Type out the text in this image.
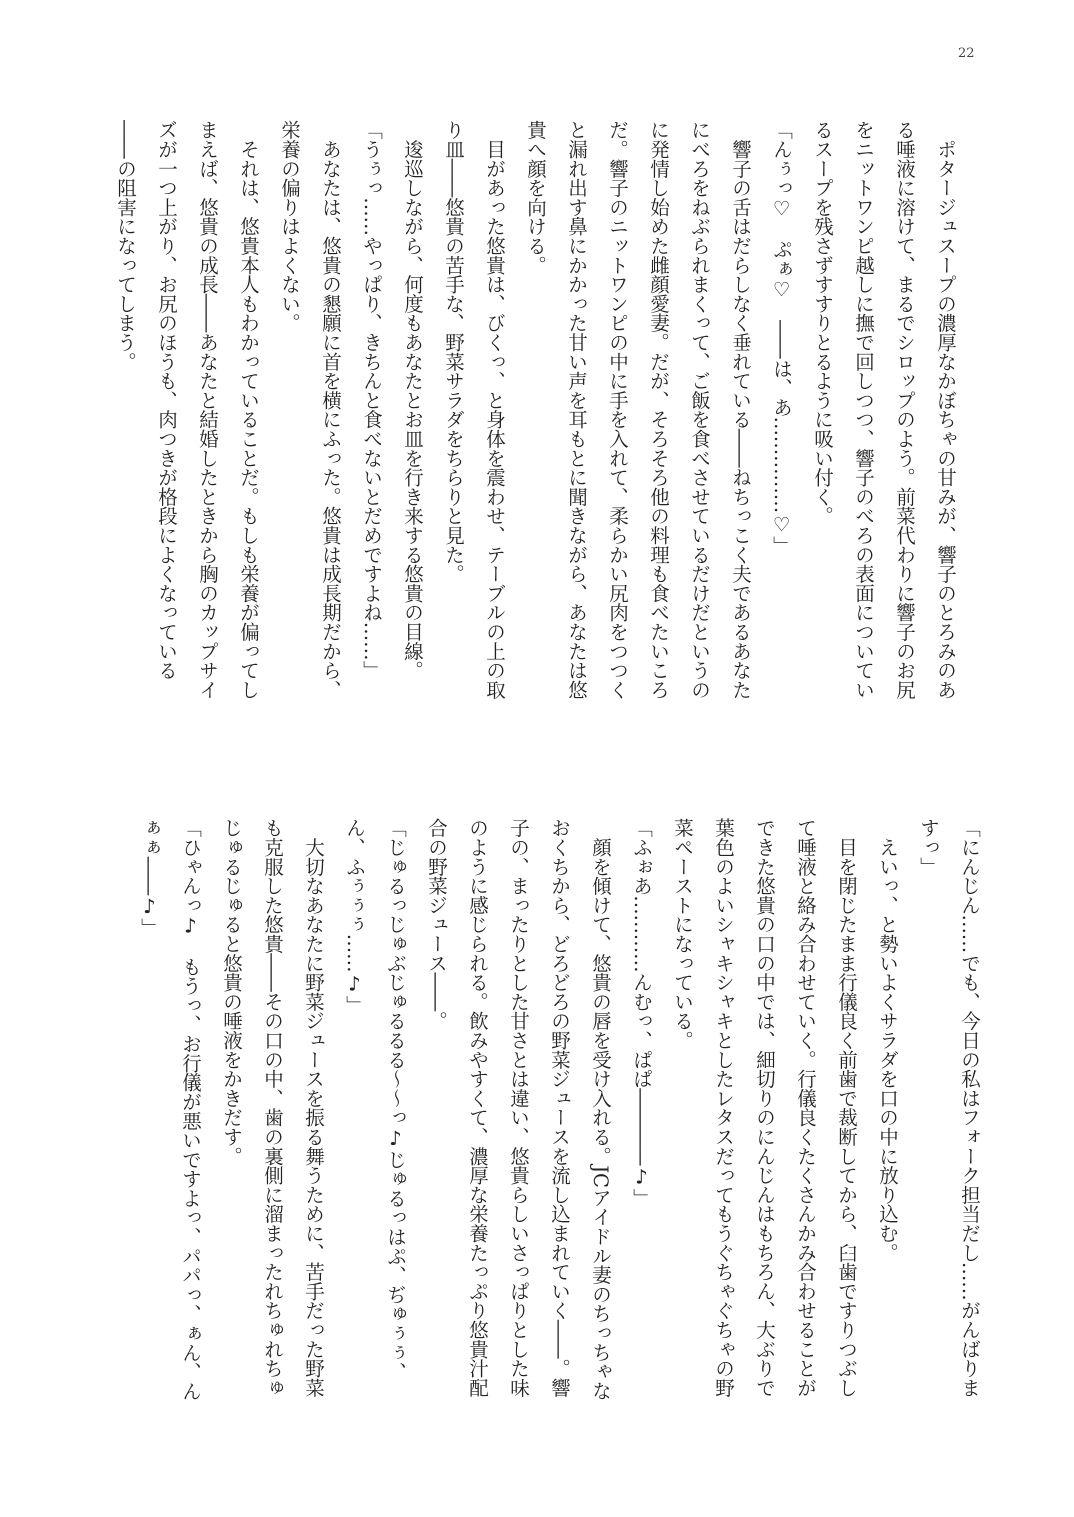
22
　ポタージュスープの濃厚なかぼちゃの甘みが、響子のとろみのあ
る唾液に溶けて、まるでシロップのよう。前菜代わりに響子のお尻
をニットワンピ越しに撫で回しつつ、響子のべろの表面についてい
るスープを残さずすすりとるように吸い付く。
「んぅっ♡　ぷぁ♡　――は、あ……………♡」
　響子の舌はだらしなく垂れている――ねちっこく夫であるあなた
にべろをねぶられまくって、ご飯を食べさせているだけだというの
に発情し始めた雌顔愛妻。だが、そろそろ他の料理も食べたいころ
だ。響子のニットワンピの中に手を入れて、柔らかい尻肉をつつく
と漏れ出す鼻にかかった甘い声を耳もとに聞きながら、あなたは悠
貴へ顔を向ける。
　目があった悠貴は、びくっ、と身体を震わせ、テーブルの上の取
り皿――悠貴の苦手な、野菜サラダをちらりと見た。
　逡巡しながら、何度もあなたとお皿を行き来する悠貴の目線。
「うぅっ……やっぱり、きちんと食べないとだめですよね……」
　あなたは、悠貴の懇願に首を横にふった。悠貴は成長期だから、
栄養の偏りはよくない。
　それは、悠貴本人もわかっていることだ。もしも栄養が偏ってし
まえば、悠貴の成長――あなたと結婚したときから胸のカップサイ
ズが一つ上がり、お尻のほうも、肉つきが格段によくなっている
――の阻害になってしまう。
「にんじん……でも、今日の私はフォーク担当だし……がんばりま
すっ」
　えいっ、と勢いよくサラダを口の中に放り込む。
　目を閉じたまま行儀良く前歯で裁断してから、臼歯ですりつぶし
て唾液と絡み合わせていく。行儀良くたくさんかみ合わせることが
できた悠貴の口の中では、細切りのにんじんはもちろん、大ぶりで
葉色のよいシャキシャキとしたレタスだってもうぐちゃぐちゃの野
菜ペーストになっている。
「ふぉあ…………んむっ、ぱぱ――――♪」
　顔を傾けて、悠貴の唇を受け入れる。JCアイドル妻のちっちゃな
おくちから、どろどろの野菜ジュースを流し込まれていく――。響
子の、まったりとした甘さとは違い、悠貴らしいさっぱりとした味
のように感じられる。飲みやすくて、濃厚な栄養たっぷり悠貴汁配
合の野菜ジュース――。
「じゅるっじゅぶじゅるるる～～っ♪じゅるっはぷ、ぢゅぅぅ、
ん、ふぅぅぅ……♪」
　大切なあなたに野菜ジュースを振る舞うために、苦手だった野菜
も克服した悠貴――その口の中、歯の裏側に溜まったれちゅれちゅ
じゅるじゅると悠貴の唾液をかきだす。
「ひゃんっ♪　もうっ、お行儀が悪いですよっ、パパっ、ぁん、ん
ぁぁ――♪」
